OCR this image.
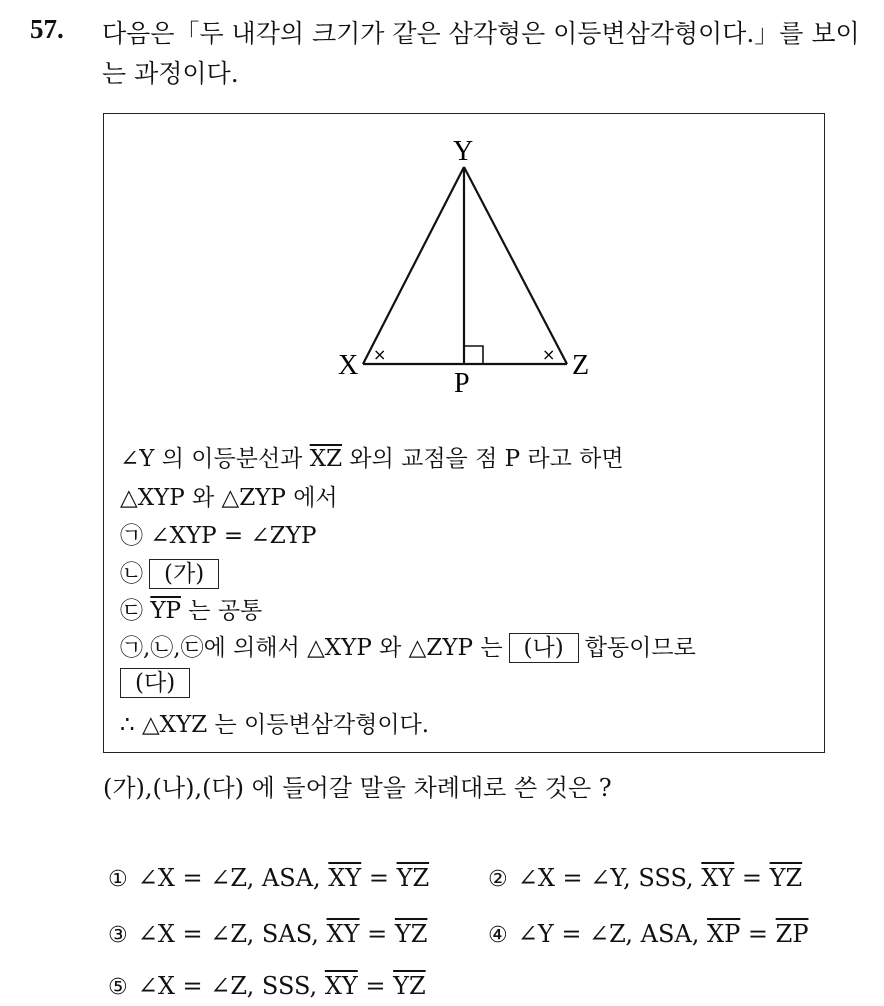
57. 다음은「두 내각의 크기가 같은 삼각형은 이등변삼각형이다.」를 보이
는 과정이다.
Y
X	Z
P
×	×
∠Y 의 이등분선과 $\overline{XZ}$ 와의 교점을 점 P 라고 하면
△XYP 와 △ZYP 에서
㉠ ∠XYP = ∠ZYP
㉡ (가)
㉢ $\overline{YP}$ 는 공통
㉠,㉡,㉢에 의해서 △XYP 와 △ZYP 는 (나) 합동이므로
(다)
∴ △XYZ 는 이등변삼각형이다.
(가),(나),(다) 에 들어갈 말을 차례대로 쓴 것은 ?
① ∠X = ∠Z, ASA, $\overline{XY} = \overline{YZ}$	② ∠X = ∠Y, SSS, $\overline{XY} = \overline{YZ}$
③ ∠X = ∠Z, SAS, $\overline{XY} = \overline{YZ}$	④ ∠Y = ∠Z, ASA, $\overline{XP} = \overline{ZP}$
⑤ ∠X = ∠Z, SSS, $\overline{XY} = \overline{YZ}$
